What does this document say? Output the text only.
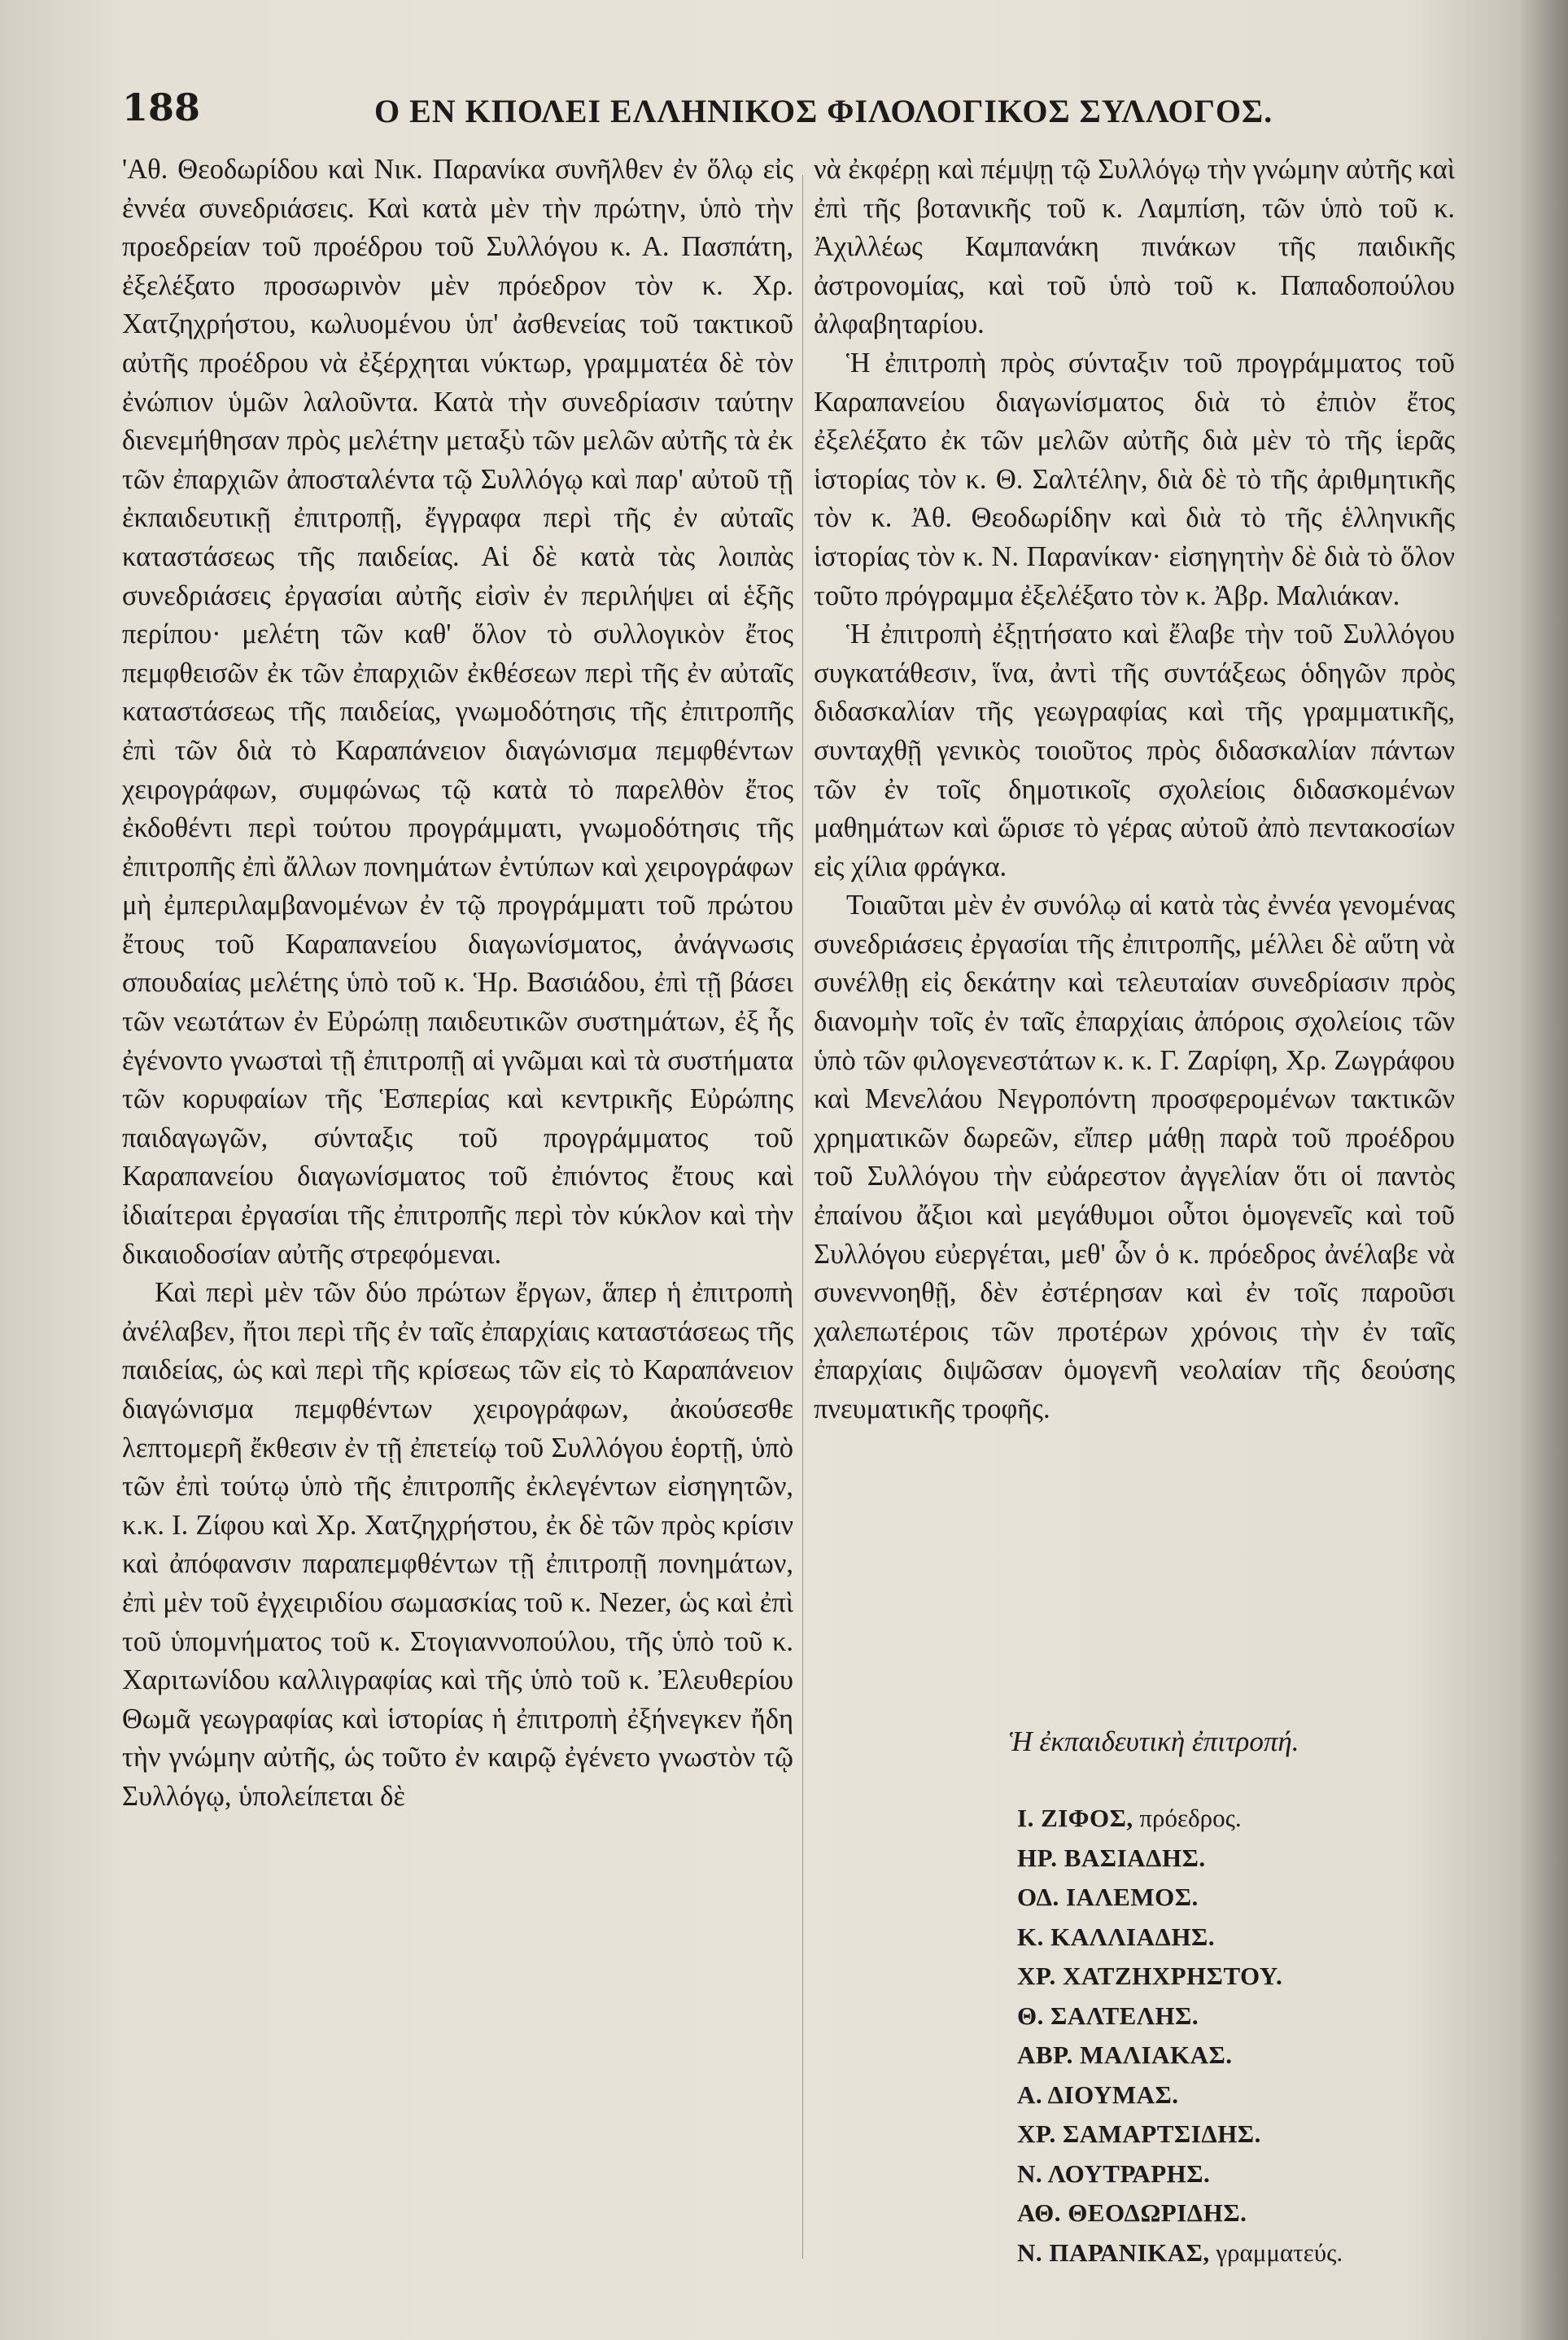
188	Ο ΕΝ ΚΠΟΛΕΙ ΕΛΛΗΝΙΚΟΣ ΦΙΛΟΛΟΓΙΚΟΣ ΣΥΛΛΟΓΟΣ.

'Αθ. Θεοδωρίδου καὶ Νικ. Παρανίκα συνῆλθεν ἐν ὅλῳ εἰς ἐννέα συνεδριάσεις. Καὶ κατὰ μὲν τὴν πρώτην, ὑπὸ τὴν προεδρείαν τοῦ προέδρου τοῦ Συλλόγου κ. Α. Πασπάτη, ἐξελέξατο προσωρινὸν μὲν πρόεδρον τὸν κ. Χρ. Χατζηχρήστου, κωλυομένου ὑπ' ἀσθενείας τοῦ τακτικοῦ αὐτῆς προέδρου νὰ ἐξέρχηται νύκτωρ, γραμματέα δὲ τὸν ἐνώπιον ὑμῶν λαλοῦντα. Κατὰ τὴν συνεδρίασιν ταύτην διενεμήθησαν πρὸς μελέτην μεταξὺ τῶν μελῶν αὐτῆς τὰ ἐκ τῶν ἐπαρχιῶν ἀποσταλέντα τῷ Συλλόγῳ καὶ παρ' αὐτοῦ τῇ ἐκπαιδευτικῇ ἐπιτροπῇ, ἔγγραφα περὶ τῆς ἐν αὐταῖς καταστάσεως τῆς παιδείας. Αἱ δὲ κατὰ τὰς λοιπὰς συνεδριάσεις ἐργασίαι αὐτῆς εἰσὶν ἐν περιλήψει αἱ ἑξῆς περίπου· μελέτη τῶν καθ' ὅλον τὸ συλλογικὸν ἔτος πεμφθεισῶν ἐκ τῶν ἐπαρχιῶν ἐκθέσεων περὶ τῆς ἐν αὐταῖς καταστάσεως τῆς παιδείας, γνωμοδότησις τῆς ἐπιτροπῆς ἐπὶ τῶν διὰ τὸ Καραπάνειον διαγώνισμα πεμφθέντων χειρογράφων, συμφώνως τῷ κατὰ τὸ παρελθὸν ἔτος ἐκδοθέντι περὶ τούτου προγράμματι, γνωμοδότησις τῆς ἐπιτροπῆς ἐπὶ ἄλλων πονημάτων ἐντύπων καὶ χειρογράφων μὴ ἐμπεριλαμβανομένων ἐν τῷ προγράμματι τοῦ πρώτου ἔτους τοῦ Καραπανείου διαγωνίσματος, ἀνάγνωσις σπουδαίας μελέτης ὑπὸ τοῦ κ. Ἡρ. Βασιάδου, ἐπὶ τῇ βάσει τῶν νεωτάτων ἐν Εὐρώπῃ παιδευτικῶν συστημάτων, ἐξ ἧς ἐγένοντο γνωσταὶ τῇ ἐπιτροπῇ αἱ γνῶμαι καὶ τὰ συστήματα τῶν κορυφαίων τῆς Ἑσπερίας καὶ κεντρικῆς Εὐρώπης παιδαγωγῶν, σύνταξις τοῦ προγράμματος τοῦ Καραπανείου διαγωνίσματος τοῦ ἐπιόντος ἔτους καὶ ἰδιαίτεραι ἐργασίαι τῆς ἐπιτροπῆς περὶ τὸν κύκλον καὶ τὴν δικαιοδοσίαν αὐτῆς στρεφόμεναι.

Καὶ περὶ μὲν τῶν δύο πρώτων ἔργων, ἅπερ ἡ ἐπιτροπὴ ἀνέλαβεν, ἤτοι περὶ τῆς ἐν ταῖς ἐπαρχίαις καταστάσεως τῆς παιδείας, ὡς καὶ περὶ τῆς κρίσεως τῶν εἰς τὸ Καραπάνειον διαγώνισμα πεμφθέντων χειρογράφων, ἀκούσεσθε λεπτομερῆ ἔκθεσιν ἐν τῇ ἐπετείῳ τοῦ Συλλόγου ἑορτῇ, ὑπὸ τῶν ἐπὶ τούτῳ ὑπὸ τῆς ἐπιτροπῆς ἐκλεγέντων εἰσηγητῶν, κ.κ. Ι. Ζίφου καὶ Χρ. Χατζηχρήστου, ἐκ δὲ τῶν πρὸς κρίσιν καὶ ἀπόφανσιν παραπεμφθέντων τῇ ἐπιτροπῇ πονημάτων, ἐπὶ μὲν τοῦ ἐγχειριδίου σωμασκίας τοῦ κ. Nezer, ὡς καὶ ἐπὶ τοῦ ὑπομνήματος τοῦ κ. Στογιαννοπούλου, τῆς ὑπὸ τοῦ κ. Χαριτωνίδου καλλιγραφίας καὶ τῆς ὑπὸ τοῦ κ. Ἐλευθερίου Θωμᾶ γεωγραφίας καὶ ἱστορίας ἡ ἐπιτροπὴ ἐξήνεγκεν ἤδη τὴν γνώμην αὐτῆς, ὡς τοῦτο ἐν καιρῷ ἐγένετο γνωστὸν τῷ Συλλόγῳ, ὑπολείπεται δὲ

νὰ ἐκφέρῃ καὶ πέμψῃ τῷ Συλλόγῳ τὴν γνώμην αὐτῆς καὶ ἐπὶ τῆς βοτανικῆς τοῦ κ. Λαμπίση, τῶν ὑπὸ τοῦ κ. Ἀχιλλέως Καμπανάκη πινάκων τῆς παιδικῆς ἀστρονομίας, καὶ τοῦ ὑπὸ τοῦ κ. Παπαδοπούλου ἀλφαβηταρίου.

Ἡ ἐπιτροπὴ πρὸς σύνταξιν τοῦ προγράμματος τοῦ Καραπανείου διαγωνίσματος διὰ τὸ ἐπιὸν ἔτος ἐξελέξατο ἐκ τῶν μελῶν αὐτῆς διὰ μὲν τὸ τῆς ἱερᾶς ἱστορίας τὸν κ. Θ. Σαλτέλην, διὰ δὲ τὸ τῆς ἀριθμητικῆς τὸν κ. Ἀθ. Θεοδωρίδην καὶ διὰ τὸ τῆς ἑλληνικῆς ἱστορίας τὸν κ. Ν. Παρανίκαν· εἰσηγητὴν δὲ διὰ τὸ ὅλον τοῦτο πρόγραμμα ἐξελέξατο τὸν κ. Ἀβρ. Μαλιάκαν.

Ἡ ἐπιτροπὴ ἐξῃτήσατο καὶ ἔλαβε τὴν τοῦ Συλλόγου συγκατάθεσιν, ἵνα, ἀντὶ τῆς συντάξεως ὁδηγῶν πρὸς διδασκαλίαν τῆς γεωγραφίας καὶ τῆς γραμματικῆς, συνταχθῇ γενικὸς τοιοῦτος πρὸς διδασκαλίαν πάντων τῶν ἐν τοῖς δημοτικοῖς σχολείοις διδασκομένων μαθημάτων καὶ ὥρισε τὸ γέρας αὐτοῦ ἀπὸ πεντακοσίων εἰς χίλια φράγκα.

Τοιαῦται μὲν ἐν συνόλῳ αἱ κατὰ τὰς ἐννέα γενομένας συνεδριάσεις ἐργασίαι τῆς ἐπιτροπῆς, μέλλει δὲ αὕτη νὰ συνέλθῃ εἰς δεκάτην καὶ τελευταίαν συνεδρίασιν πρὸς διανομὴν τοῖς ἐν ταῖς ἐπαρχίαις ἀπόροις σχολείοις τῶν ὑπὸ τῶν φιλογενεστάτων κ. κ. Γ. Ζαρίφη, Χρ. Ζωγράφου καὶ Μενελάου Νεγροπόντη προσφερομένων τακτικῶν χρηματικῶν δωρεῶν, εἴπερ μάθῃ παρὰ τοῦ προέδρου τοῦ Συλλόγου τὴν εὐάρεστον ἀγγελίαν ὅτι οἱ παντὸς ἐπαίνου ἄξιοι καὶ μεγάθυμοι οὗτοι ὁμογενεῖς καὶ τοῦ Συλλόγου εὐεργέται, μεθ' ὧν ὁ κ. πρόεδρος ἀνέλαβε νὰ συνεννοηθῇ, δὲν ἐστέρησαν καὶ ἐν τοῖς παροῦσι χαλεπωτέροις τῶν προτέρων χρόνοις τὴν ἐν ταῖς ἐπαρχίαις διψῶσαν ὁμογενῆ νεολαίαν τῆς δεούσης πνευματικῆς τροφῆς.

Ἡ ἐκπαιδευτικὴ ἐπιτροπή.
Ι. ΖΙΦΟΣ, πρόεδρος.
ΗΡ. ΒΑΣΙΑΔΗΣ.
ΟΔ. ΙΑΛΕΜΟΣ.
Κ. ΚΑΛΛΙΑΔΗΣ.
ΧΡ. ΧΑΤΖΗΧΡΗΣΤΟΥ.
Θ. ΣΑΛΤΕΛΗΣ.
ΑΒΡ. ΜΑΛΙΑΚΑΣ.
Α. ΔΙΟΥΜΑΣ.
ΧΡ. ΣΑΜΑΡΤΣΙΔΗΣ.
Ν. ΛΟΥΤΡΑΡΗΣ.
ΑΘ. ΘΕΟΔΩΡΙΔΗΣ.
Ν. ΠΑΡΑΝΙΚΑΣ, γραμματεύς.
